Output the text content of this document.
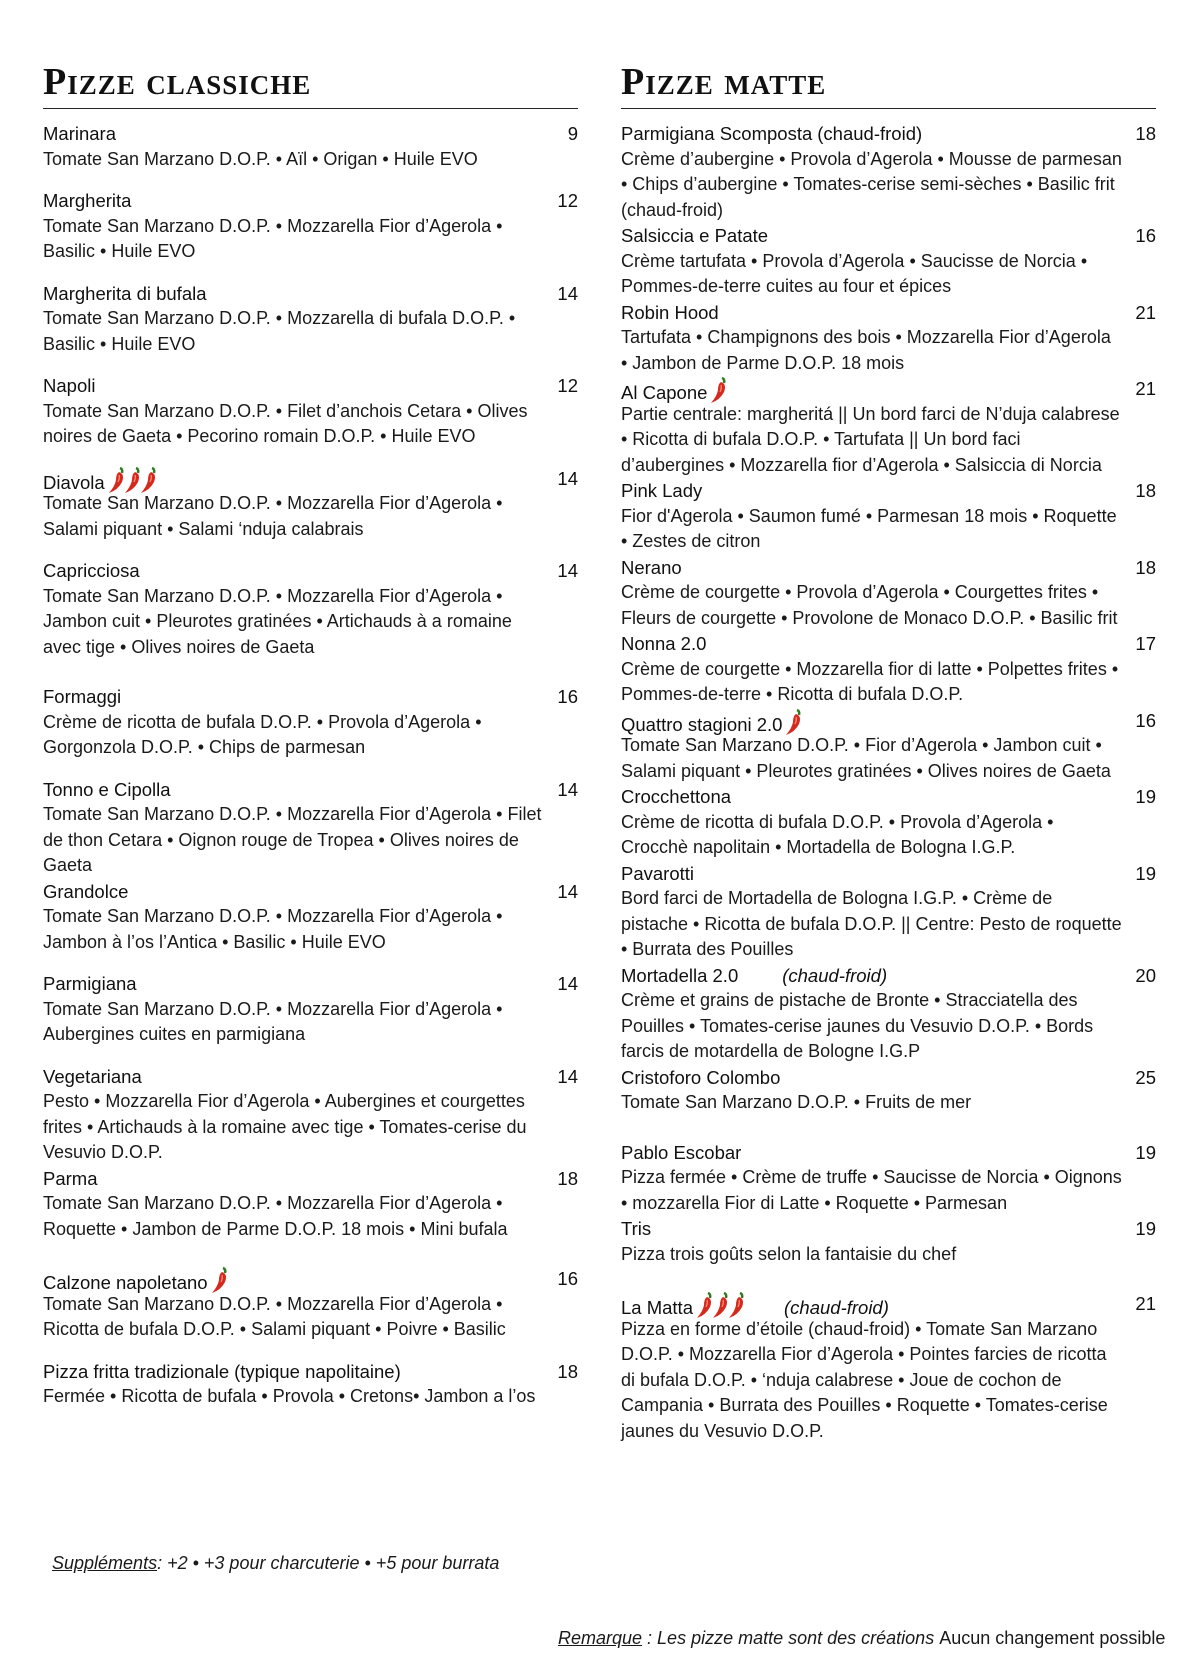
Pizze classiche
Marinara	9
Tomate San Marzano D.O.P. • Aïl • Origan • Huile EVO
Margherita	12
Tomate San Marzano D.O.P. • Mozzarella Fior d’Agerola • Basilic • Huile EVO
Margherita di bufala	14
Tomate San Marzano D.O.P. • Mozzarella di bufala D.O.P. • Basilic • Huile EVO
Napoli	12
Tomate San Marzano D.O.P. • Filet d’anchois Cetara • Olives noires de Gaeta • Pecorino romain D.O.P. • Huile EVO
Diavola	14
Tomate San Marzano D.O.P. • Mozzarella Fior d’Agerola • Salami piquant • Salami ‘nduja calabrais
Capricciosa	14
Tomate San Marzano D.O.P. • Mozzarella Fior d’Agerola • Jambon cuit • Pleurotes gratinées • Artichauds à a romaine avec tige • Olives noires de Gaeta
Formaggi	16
Crème de ricotta de bufala D.O.P. • Provola d’Agerola • Gorgonzola D.O.P. • Chips de parmesan
Tonno e Cipolla	14
Tomate San Marzano D.O.P. • Mozzarella Fior d’Agerola • Filet de thon Cetara • Oignon rouge de Tropea • Olives noires de Gaeta
Grandolce	14
Tomate San Marzano D.O.P. • Mozzarella Fior d’Agerola • Jambon à l’os l’Antica • Basilic • Huile EVO
Parmigiana	14
Tomate San Marzano D.O.P. • Mozzarella Fior d’Agerola • Aubergines cuites en parmigiana
Vegetariana	14
Pesto • Mozzarella Fior d’Agerola • Aubergines et courgettes frites • Artichauds à la romaine avec tige • Tomates-cerise du Vesuvio D.O.P.
Parma	18
Tomate San Marzano D.O.P. • Mozzarella Fior d’Agerola • Roquette • Jambon de Parme D.O.P. 18 mois • Mini bufala
Calzone napoletano	16
Tomate San Marzano D.O.P. • Mozzarella Fior d’Agerola • Ricotta de bufala D.O.P. • Salami piquant • Poivre • Basilic
Pizza fritta tradizionale (typique napolitaine)	18
Fermée • Ricotta de bufala • Provola • Cretons• Jambon a l’os
Pizze matte
Parmigiana Scomposta (chaud-froid)	18
Crème d’aubergine • Provola d’Agerola • Mousse de parmesan • Chips d’aubergine • Tomates-cerise semi-sèches • Basilic frit (chaud-froid)
Salsiccia e Patate	16
Crème tartufata • Provola d’Agerola • Saucisse de Norcia • Pommes-de-terre cuites au four et épices
Robin Hood	21
Tartufata • Champignons des bois • Mozzarella Fior d’Agerola • Jambon de Parme D.O.P. 18 mois
Al Capone	21
Partie centrale: margheritá || Un bord farci de N’duja calabrese • Ricotta di bufala D.O.P. • Tartufata || Un bord faci d’aubergines • Mozzarella fior d’Agerola • Salsiccia di Norcia
Pink Lady	18
Fior d'Agerola • Saumon fumé • Parmesan 18 mois • Roquette • Zestes de citron
Nerano	18
Crème de courgette • Provola d’Agerola • Courgettes frites • Fleurs de courgette • Provolone de Monaco D.O.P. • Basilic frit
Nonna 2.0	17
Crème de courgette • Mozzarella fior di latte • Polpettes frites • Pommes-de-terre • Ricotta di bufala D.O.P.
Quattro stagioni 2.0	16
Tomate San Marzano D.O.P. • Fior d’Agerola • Jambon cuit • Salami piquant • Pleurotes gratinées • Olives noires de Gaeta
Crocchettona	19
Crème de ricotta di bufala D.O.P. • Provola d’Agerola • Crocchè napolitain • Mortadella de Bologna I.G.P.
Pavarotti	19
Bord farci de Mortadella de Bologna I.G.P. • Crème de pistache • Ricotta de bufala D.O.P. || Centre: Pesto de roquette • Burrata des Pouilles
Mortadella 2.0 (chaud-froid)	20
Crème et grains de pistache de Bronte • Stracciatella des Pouilles • Tomates-cerise jaunes du Vesuvio D.O.P. • Bords farcis de motardella de Bologne I.G.P
Cristoforo Colombo	25
Tomate San Marzano D.O.P. • Fruits de mer
Pablo Escobar	19
Pizza fermée • Crème de truffe • Saucisse de Norcia • Oignons • mozzarella Fior di Latte • Roquette • Parmesan
Tris	19
Pizza trois goûts selon la fantaisie du chef
La Matta	(chaud-froid)	21
Pizza en forme d’étoile (chaud-froid) • Tomate San Marzano D.O.P. • Mozzarella Fior d’Agerola • Pointes farcies de ricotta di bufala D.O.P. • ‘nduja calabrese • Joue de cochon de Campania • Burrata des Pouilles • Roquette • Tomates-cerise jaunes du Vesuvio D.O.P.
Suppléments: +2 • +3 pour charcuterie • +5 pour burrata
Remarque : Les pizze matte sont des créations Aucun changement possible
